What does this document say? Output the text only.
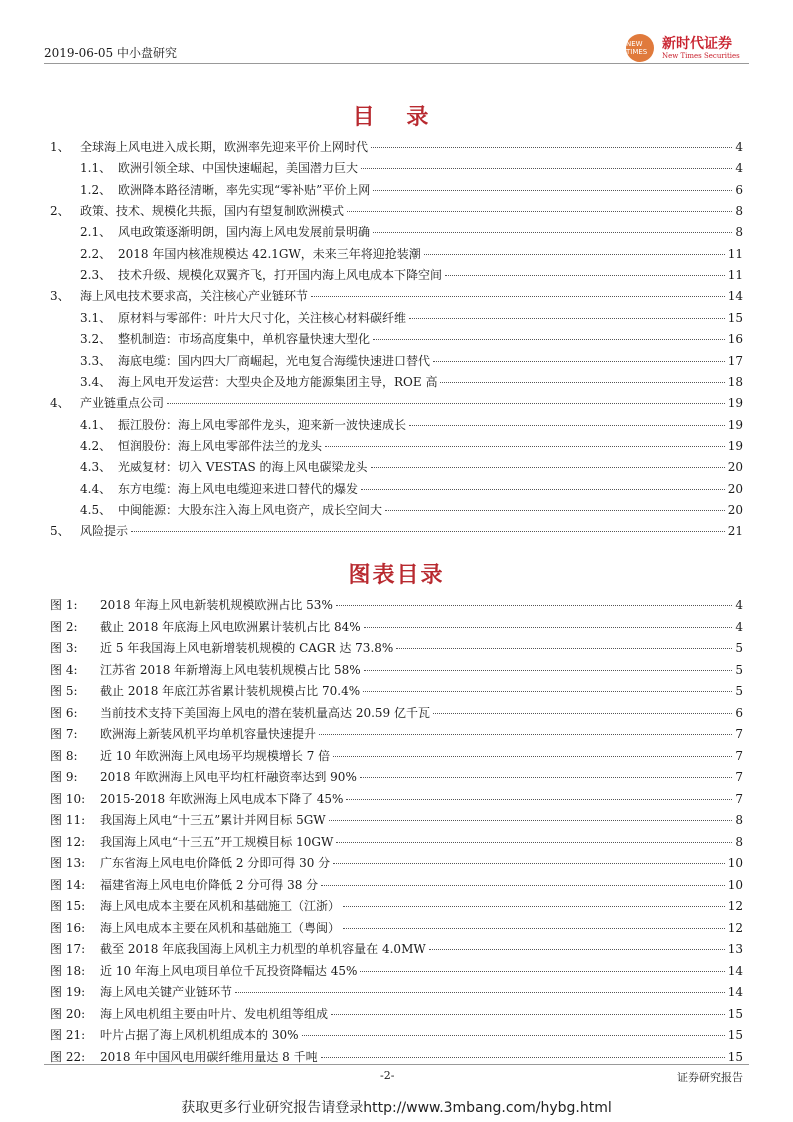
2019-06-05 中小盘研究
NEW TIMES	新时代证券
New Times Securities
目 录
1、 全球海上风电进入成长期，欧洲率先迎来平价上网时代	4
1.1、 欧洲引领全球、中国快速崛起，美国潜力巨大	4
1.2、 欧洲降本路径清晰，率先实现“零补贴”平价上网	6
2、 政策、技术、规模化共振，国内有望复制欧洲模式	8
2.1、 风电政策逐渐明朗，国内海上风电发展前景明确	8
2.2、 2018 年国内核准规模达 42.1GW，未来三年将迎抢装潮	11
2.3、 技术升级、规模化双翼齐飞，打开国内海上风电成本下降空间	11
3、 海上风电技术要求高，关注核心产业链环节	14
3.1、 原材料与零部件：叶片大尺寸化，关注核心材料碳纤维	15
3.2、 整机制造：市场高度集中，单机容量快速大型化	16
3.3、 海底电缆：国内四大厂商崛起，光电复合海缆快速进口替代	17
3.4、 海上风电开发运营：大型央企及地方能源集团主导，ROE 高	18
4、 产业链重点公司	19
4.1、 振江股份：海上风电零部件龙头，迎来新一波快速成长	19
4.2、 恒润股份：海上风电零部件法兰的龙头	19
4.3、 光威复材：切入 VESTAS 的海上风电碳梁龙头	20
4.4、 东方电缆：海上风电电缆迎来进口替代的爆发	20
4.5、 中闽能源：大股东注入海上风电资产，成长空间大	20
5、 风险提示	21
图表目录
图 1:	2018 年海上风电新装机规模欧洲占比 53%	4
图 2:	截止 2018 年底海上风电欧洲累计装机占比 84%	4
图 3:	近 5 年我国海上风电新增装机规模的 CAGR 达 73.8%	5
图 4:	江苏省 2018 年新增海上风电装机规模占比 58%	5
图 5:	截止 2018 年底江苏省累计装机规模占比 70.4%	5
图 6:	当前技术支持下美国海上风电的潜在装机量高达 20.59 亿千瓦	6
图 7:	欧洲海上新装风机平均单机容量快速提升	7
图 8:	近 10 年欧洲海上风电场平均规模增长 7 倍	7
图 9:	2018 年欧洲海上风电平均杠杆融资率达到 90%	7
图 10:	2015-2018 年欧洲海上风电成本下降了 45%	7
图 11:	我国海上风电“十三五”累计并网目标 5GW	8
图 12:	我国海上风电“十三五”开工规模目标 10GW	8
图 13:	广东省海上风电电价降低 2 分即可得 30 分	10
图 14:	福建省海上风电电价降低 2 分可得 38 分	10
图 15:	海上风电成本主要在风机和基础施工（江浙）	12
图 16:	海上风电成本主要在风机和基础施工（粤闽）	12
图 17:	截至 2018 年底我国海上风机主力机型的单机容量在 4.0MW	13
图 18:	近 10 年海上风电项目单位千瓦投资降幅达 45%	14
图 19:	海上风电关键产业链环节	14
图 20:	海上风电机组主要由叶片、发电机组等组成	15
图 21:	叶片占据了海上风机机组成本的 30%	15
图 22:	2018 年中国风电用碳纤维用量达 8 千吨	15
-2-	证券研究报告
获取更多行业研究报告请登录http://www.3mbang.com/hybg.html
